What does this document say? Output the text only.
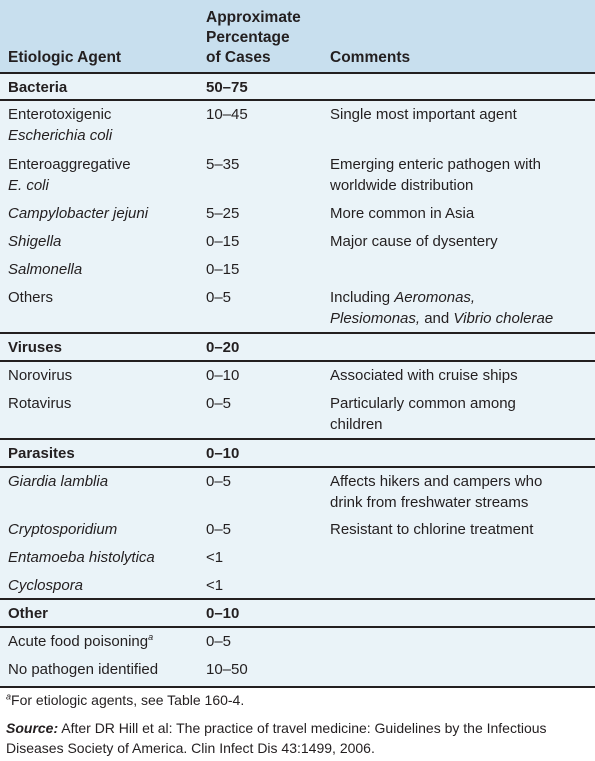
Etiologic Agent
Approximate
Percentage
of Cases	Comments
Bacteria	50–75
Enterotoxigenic
Escherichia coli
10–45	Single most important agent
Enteroaggregative
E. coli
5–35	Emerging enteric pathogen with
worldwide distribution
Campylobacter jejuni	5–25	More common in Asia
Shigella	0–15	Major cause of dysentery
Salmonella	0–15
Others	0–5	Including Aeromonas,
Plesiomonas, and Vibrio cholerae
Viruses	0–20
Norovirus	0–10	Associated with cruise ships
Rotavirus	0–5	Particularly common among
children
Parasites	0–10
Giardia lamblia	0–5	Affects hikers and campers who
drink from freshwater streams
Cryptosporidium	0–5	Resistant to chlorine treatment
Entamoeba histolytica	<1
Cyclospora	<1
Other	0–10
Acute food poisoning$^a$	0–5
No pathogen identified	10–50
$^a$For etiologic agents, see Table 160-4.
Source: After DR Hill et al: The practice of travel medicine: Guidelines by the Infectious
Diseases Society of America. Clin Infect Dis 43:1499, 2006.
